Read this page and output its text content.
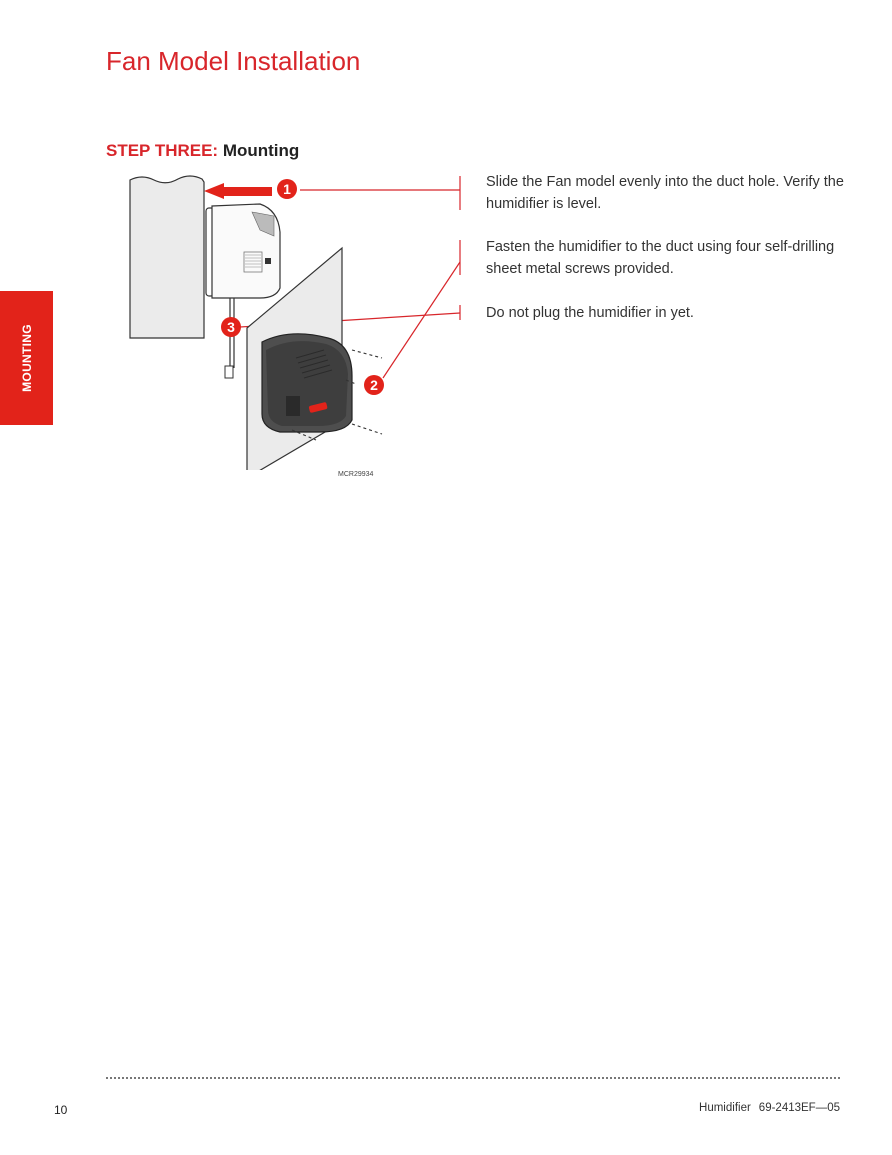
Fan Model Installation
MOUNTING
STEP THREE: Mounting
1
2
3
MCR29934

Slide the Fan model evenly into the duct hole. Verify the humidifier is level.

Fasten the humidifier to the duct using four self-drilling sheet metal screws provided.

Do not plug the humidifier in yet.

10	Humidifier 69-2413EF—05
